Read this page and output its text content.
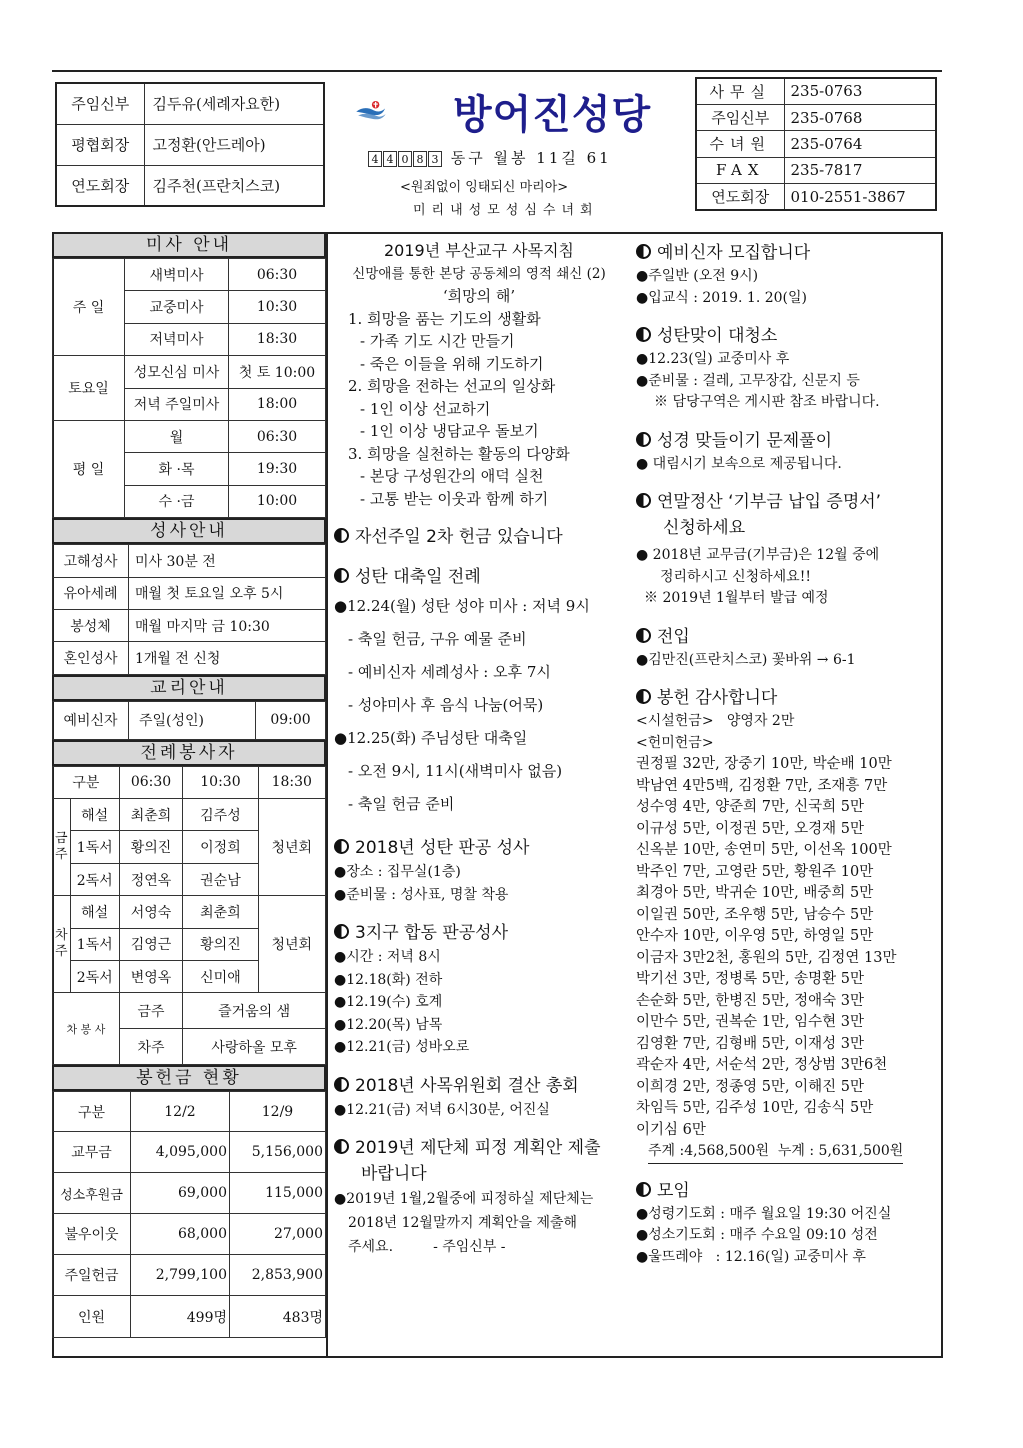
주임신부	김두유(세례자요한)
평협회장	고정환(안드레아)
연도회장	김주천(프란치스코)
방어진성당
4 4 0 8 3 동구 월봉 11길 61
<원죄없이 잉태되신 마리아>
미리내성모성심수녀회
사무실	235-0763
주임신부	235-0768
수녀원	235-0764
FAX	235-7817
연도회장	010-2551-3867
미사 안내
주 일	새벽미사	06:30
	교중미사	10:30
	저녁미사	18:30
토요일	성모신심 미사	첫 토 10:00
	저녁 주일미사	18:00
평 일	월	06:30
	화 ·목	19:30
	수 ·금	10:00
성사안내
고해성사	미사 30분 전
유아세례	매월 첫 토요일 오후 5시
봉성체	매월 마지막 금 10:30
혼인성사	1개월 전 신청
교리안내
예비신자	주일(성인)	09:00
전례봉사자
구분		06:30	10:30	18:30
금주	해설	최춘희	김주성	청년회
	1독서	황의진	이정희	
	2독서	정연옥	권순남	
차주	해설	서영숙	최춘희	청년회
	1독서	김영근	황의진	
	2독서	변영옥	신미애	
차 봉 사		금주	즐거움의 샘	
		차주	사랑하올 모후	
봉헌금 현황
구분	12/2	12/9
교무금	4,095,000	5,156,000
성소후원금	69,000	115,000
불우이웃	68,000	27,000
주일헌금	2,799,100	2,853,900
인원	499명	483명
2019년 부산교구 사목지침
신망애를 통한 본당 공동체의 영적 쇄신 (2)
‘희망의 해’
1. 희망을 품는 기도의 생활화
- 가족 기도 시간 만들기
- 죽은 이들을 위해 기도하기
2. 희망을 전하는 선교의 일상화
- 1인 이상 선교하기
- 1인 이상 냉담교우 돌보기
3. 희망을 실천하는 활동의 다양화
- 본당 구성원간의 애덕 실천
- 고통 받는 이웃과 함께 하기
자선주일 2차 헌금 있습니다
성탄 대축일 전례
●12.24(월) 성탄 성야 미사 : 저녁 9시
- 축일 헌금, 구유 예물 준비
- 예비신자 세례성사 : 오후 7시
- 성야미사 후 음식 나눔(어묵)
●12.25(화) 주님성탄 대축일
- 오전 9시, 11시(새벽미사 없음)
- 축일 헌금 준비
2018년 성탄 판공 성사
●장소 : 집무실(1층)
●준비물 : 성사표, 명찰 착용
3지구 합동 판공성사
●시간 : 저녁 8시
●12.18(화) 전하
●12.19(수) 호계
●12.20(목) 남목
●12.21(금) 성바오로
2018년 사목위원회 결산 총회
●12.21(금) 저녁 6시30분, 어진실
2019년 제단체 피정 계획안 제출
바랍니다
●2019년 1월,2월중에 피정하실 제단체는
2018년 12월말까지 계획안을 제출해
주세요.         - 주임신부 -
예비신자 모집합니다
●주일반 (오전 9시)
●입교식 : 2019. 1. 20(일)
성탄맞이 대청소
●12.23(일) 교중미사 후
●준비물 : 걸레, 고무장갑, 신문지 등
※ 담당구역은 게시판 참조 바랍니다.
성경 맞들이기 문제풀이
● 대림시기 보속으로 제공됩니다.
연말정산 ‘기부금 납입 증명서’
신청하세요
● 2018년 교무금(기부금)은 12월 중에
정리하시고 신청하세요!!
※ 2019년 1월부터 발급 예정
전입
●김만진(프란치스코) 꽃바위 → 6-1
봉헌 감사합니다
<시설헌금>   양영자 2만
<헌미헌금>
권정필 32만, 장중기 10만, 박순배 10만
박남연 4만5백, 김정환 7만, 조재흥 7만
성수영 4만, 양준희 7만, 신국희 5만
이규성 5만, 이정권 5만, 오경재 5만
신옥분 10만, 송연미 5만, 이선옥 100만
박주인 7만, 고영란 5만, 황원주 10만
최경아 5만, 박귀순 10만, 배중희 5만
이일권 50만, 조우행 5만, 남승수 5만
안수자 10만, 이우영 5만, 하영일 5만
이금자 3만2천, 홍원의 5만, 김정연 13만
박기선 3만, 정병록 5만, 송명환 5만
손순화 5만, 한병진 5만, 정애숙 3만
이만수 5만, 권복순 1만, 임수현 3만
김영환 7만, 김형배 5만, 이재성 3만
곽순자 4만, 서순석 2만, 정상범 3만6천
이희경 2만, 정종영 5만, 이해진 5만
차임득 5만, 김주성 10만, 김송식 5만
이기심 6만
주계 :4,568,500원  누계 : 5,631,500원
모임
●성령기도회 : 매주 월요일 19:30 어진실
●성소기도회 : 매주 수요일 09:10 성전
●울뜨레야   : 12.16(일) 교중미사 후
